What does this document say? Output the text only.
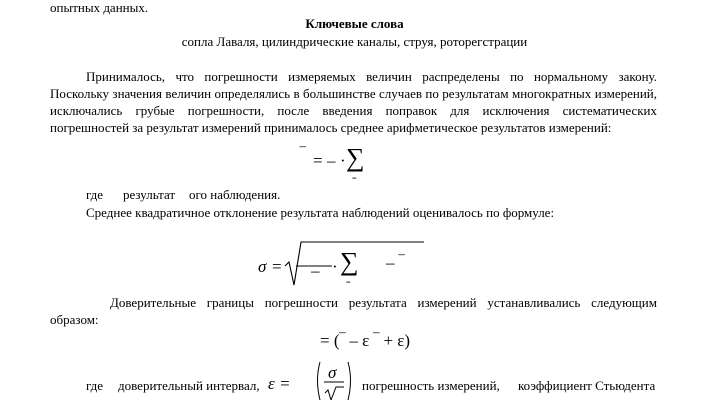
опытных данных.
Ключевые слова
сопла Лаваля, цилиндрические каналы, струя, роторегстрации
Принималось, что погрешности измеряемых величин распределены по нормальному закону.
Поскольку значения величин определялись в большинстве случаев по результатам многократных измерений,
исключались грубые погрешности, после введения поправок для исключения систематических
погрешностей за результат измерений принималось среднее арифметическое результатов измерений:
‾ = – · ∑
=
где результат ого наблюдения.
Среднее квадратичное отклонение результата наблюдений оценивалось по формуле:
σ = – · ∑
=
– ‾
Доверительные границы погрешности результата измерений устанавливались следующим
образом:
= (‾ – ε ‾ + ε)
где доверительный интервал, ε =
σ
погрешность измерений, коэффициент Стьюдента
